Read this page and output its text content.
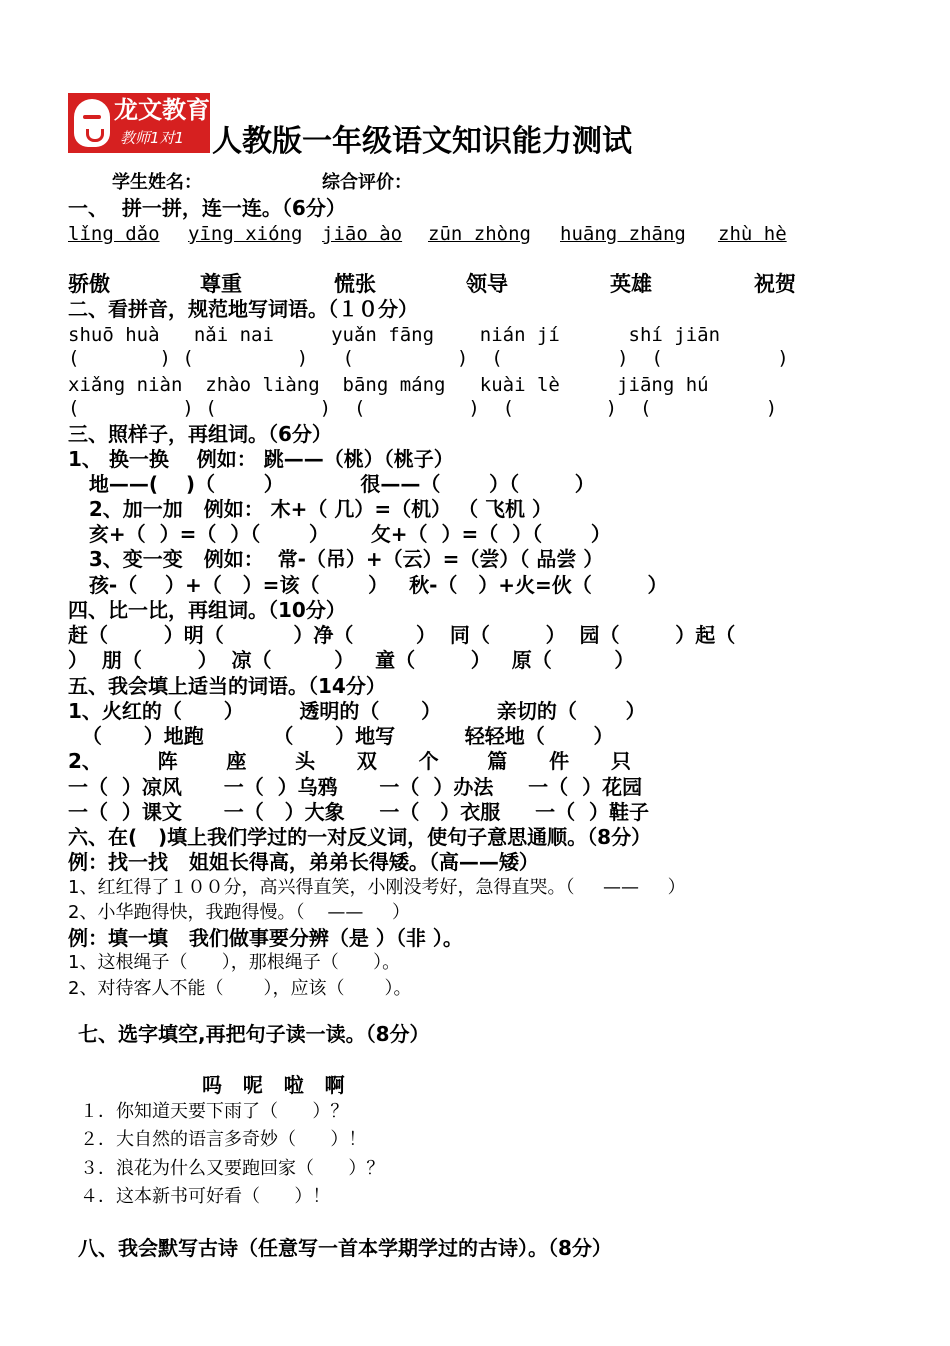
龙文教育
教师1对1 人教版一年级语文知识能力测试
学生姓名：	综合评价：
一、  拼一拼，连一连。（6分）
lǐng dǎo yīng xióng jiāo ào zūn zhòng huāng zhāng zhù hè
骄傲	尊重	慌张	领导	英雄	祝贺
二、看拼音，规范地写词语。（１０分）
shuō huà   nǎi nai     yuǎn fāng    nián jí      shí jiān
(       ) (         )   (         )  (          )  (          )
xiǎng niàn  zhào liàng  bāng máng   kuài lè     jiāng hú
(         ) (         )  (         )  (        )  (          )
三、照样子，再组词。（6分）
1、 换一换    例如： 跳——（桃）（桃子）
地——(    )（       ）           很——（       ）（        ）
2、加一加   例如： 木+（ 几）=（机） （ 飞机 ）
亥+（  ）=（  ）（       ）      攵+（  ）=（  ）（       ）
3、变一变   例如：  常-（吊）+（云）=（尝）（ 品尝 ）
孩-（    ）+（   ）=该（       ）   秋-（   ）+火=伙（        ）
四、比一比，再组词。（10分）
赶（        ）明（          ）净（         ）  同（        ）  园（        ）起（
）  朋（        ）  凉（         ）   童（        ）   原（         ）
五、我会填上适当的词语。（14分）
1、火红的（      ）        透明的（      ）        亲切的（       ）
（      ）地跑          （      ）地写          轻轻地（       ）
2、        阵       座       头      双      个       篇      件      只
一（  ）凉风      一（  ）乌鸦      一（  ）办法     一（  ）花园
一（  ）课文      一（   ）大象     一（   ）衣服     一（  ）鞋子
六、在(   )填上我们学过的一对反义词，使句子意思通顺。（8分）
例：找一找   姐姐长得高，弟弟长得矮。（高——矮）
1、红红得了１００分，高兴得直笑，小刚没考好，急得直哭。（     ——     ）
2、小华跑得快，我跑得慢。（    ——     ）
例：填一填   我们做事要分辨（是 ）（非 ）。
1、这根绳子（      ），那根绳子（      ）。
2、对待客人不能（       ），应该（       ）。
七、选字填空,再把句子读一读。（8分）
吗   呢   啦   啊
１．你知道天要下雨了（      ）？
２．大自然的语言多奇妙（      ）！
３．浪花为什么又要跑回家（      ）？
４．这本新书可好看（      ）！
八、我会默写古诗（任意写一首本学期学过的古诗）。（8分）
